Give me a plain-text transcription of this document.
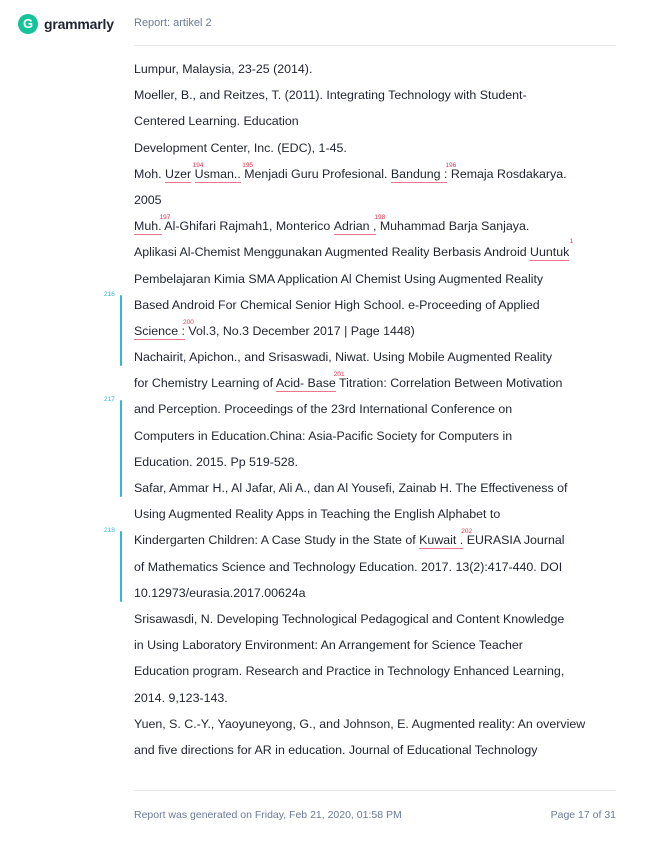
G
grammarly Report: artikel 2
Lumpur, Malaysia, 23-25 (2014).
Moeller, B., and Reitzes, T. (2011). Integrating Technology with Student-
Centered Learning. Education
Development Center, Inc. (EDC), 1-45.
Moh. Uzer Usman..
194
Menjadi Guru Profesional.
195
Bandung : Remaja Rosdakarya.
196
2005
Muh. Al-Ghifari Rajmah1, Monterico
197
Adrian , Muhammad Barja Sanjaya.
198
Aplikasi Al-Chemist Menggunakan Augmented Reality Berbasis Android Uuntuk
1
Pembelajaran Kimia SMA Application Al Chemist Using Augmented Reality
Based Android For Chemical Senior High School. e-Proceeding of Applied
Science : Vol.3, No.3 December 2017 | Page 1448)
200
Nachairit, Apichon., and Srisaswadi, Niwat. Using Mobile Augmented Reality
for Chemistry Learning of Acid- Base Titration: Correlation Between Motivation
201
and Perception. Proceedings of the 23rd International Conference on
Computers in Education.China: Asia-Pacific Society for Computers in
Education. 2015. Pp 519-528.
Safar, Ammar H., Al Jafar, Ali A., dan Al Yousefi, Zainab H. The Effectiveness of
Using Augmented Reality Apps in Teaching the English Alphabet to
Kindergarten Children: A Case Study in the State of Kuwait . EURASIA Journal
202
of Mathematics Science and Technology Education. 2017. 13(2):417-440. DOI
10.12973/eurasia.2017.00624a
Srisawasdi, N. Developing Technological Pedagogical and Content Knowledge
in Using Laboratory Environment: An Arrangement for Science Teacher
Education program. Research and Practice in Technology Enhanced Learning,
2014. 9,123-143.
Yuen, S. C.-Y., Yaoyuneyong, G., and Johnson, E. Augmented reality: An overview
and five directions for AR in education. Journal of Educational Technology
216
217
218
Report was generated on Friday, Feb 21, 2020, 01:58 PM	Page 17 of 31
